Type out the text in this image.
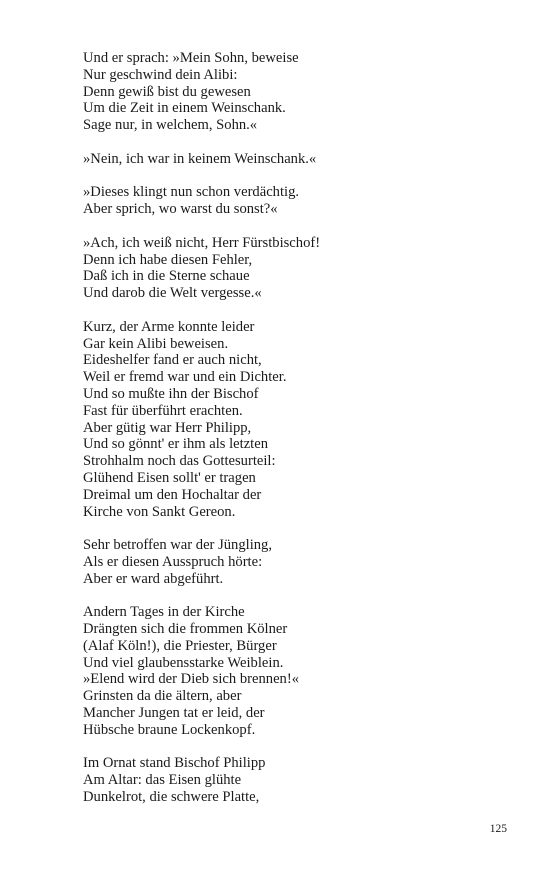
Und er sprach: »Mein Sohn, beweise
Nur geschwind dein Alibi:
Denn gewiß bist du gewesen
Um die Zeit in einem Weinschank.
Sage nur, in welchem, Sohn.«
»Nein, ich war in keinem Weinschank.«
»Dieses klingt nun schon verdächtig.
Aber sprich, wo warst du sonst?«
»Ach, ich weiß nicht, Herr Fürstbischof!
Denn ich habe diesen Fehler,
Daß ich in die Sterne schaue
Und darob die Welt vergesse.«
Kurz, der Arme konnte leider
Gar kein Alibi beweisen.
Eideshelfer fand er auch nicht,
Weil er fremd war und ein Dichter.
Und so mußte ihn der Bischof
Fast für überführt erachten.
Aber gütig war Herr Philipp,
Und so gönnt' er ihm als letzten
Strohhalm noch das Gottesurteil:
Glühend Eisen sollt' er tragen
Dreimal um den Hochaltar der
Kirche von Sankt Gereon.
Sehr betroffen war der Jüngling,
Als er diesen Ausspruch hörte:
Aber er ward abgeführt.
Andern Tages in der Kirche
Drängten sich die frommen Kölner
(Alaf Köln!), die Priester, Bürger
Und viel glaubensstarke Weiblein.
»Elend wird der Dieb sich brennen!«
Grinsten da die ältern, aber
Mancher Jungen tat er leid, der
Hübsche braune Lockenkopf.
Im Ornat stand Bischof Philipp
Am Altar: das Eisen glühte
Dunkelrot, die schwere Platte,
125
